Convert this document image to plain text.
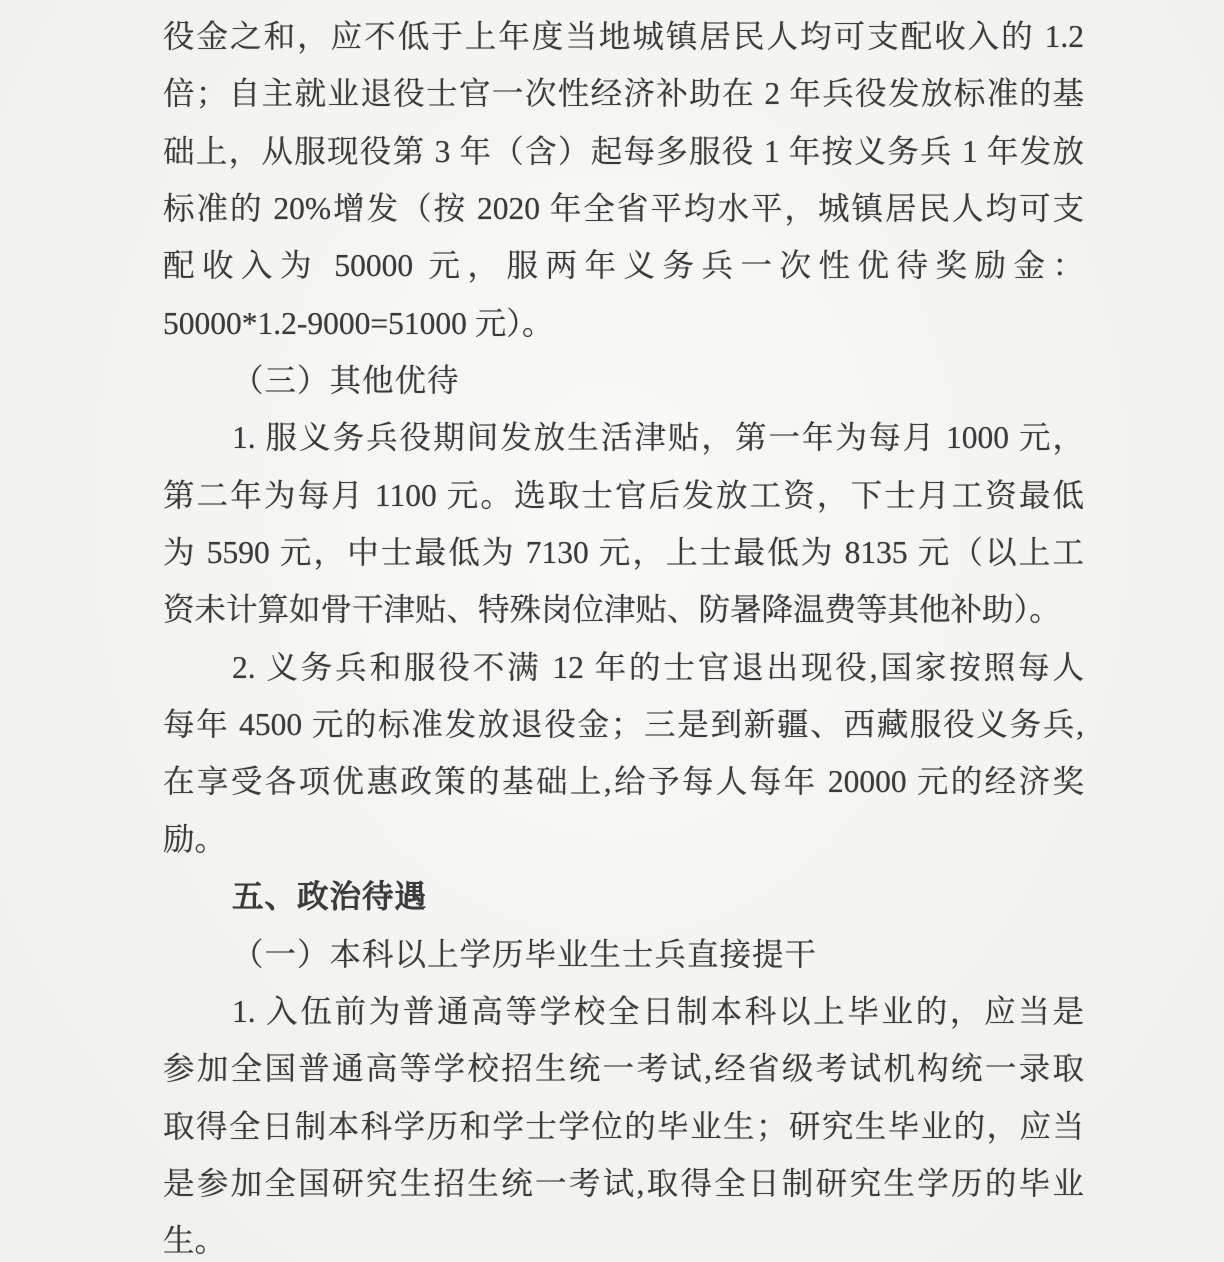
役金之和，应不低于上年度当地城镇居民人均可支配收入的 1.2
倍；自主就业退役士官一次性经济补助在 2 年兵役发放标准的基
础上，从服现役第 3 年（含）起每多服役 1 年按义务兵 1 年发放
标准的 20%增发（按 2020 年全省平均水平，城镇居民人均可支
配收入为 50000 元，服两年义务兵一次性优待奖励金：
50000*1.2-9000=51000 元）。
（三）其他优待
1. 服义务兵役期间发放生活津贴，第一年为每月 1000 元，
第二年为每月 1100 元。选取士官后发放工资，下士月工资最低
为 5590 元，中士最低为 7130 元，上士最低为 8135 元（以上工
资未计算如骨干津贴、特殊岗位津贴、防暑降温费等其他补助）。
2. 义务兵和服役不满 12 年的士官退出现役,国家按照每人
每年 4500 元的标准发放退役金；三是到新疆、西藏服役义务兵,
在享受各项优惠政策的基础上,给予每人每年 20000 元的经济奖
励。
五、政治待遇
（一）本科以上学历毕业生士兵直接提干
1. 入伍前为普通高等学校全日制本科以上毕业的，应当是
参加全国普通高等学校招生统一考试,经省级考试机构统一录取
取得全日制本科学历和学士学位的毕业生；研究生毕业的，应当
是参加全国研究生招生统一考试,取得全日制研究生学历的毕业
生。
